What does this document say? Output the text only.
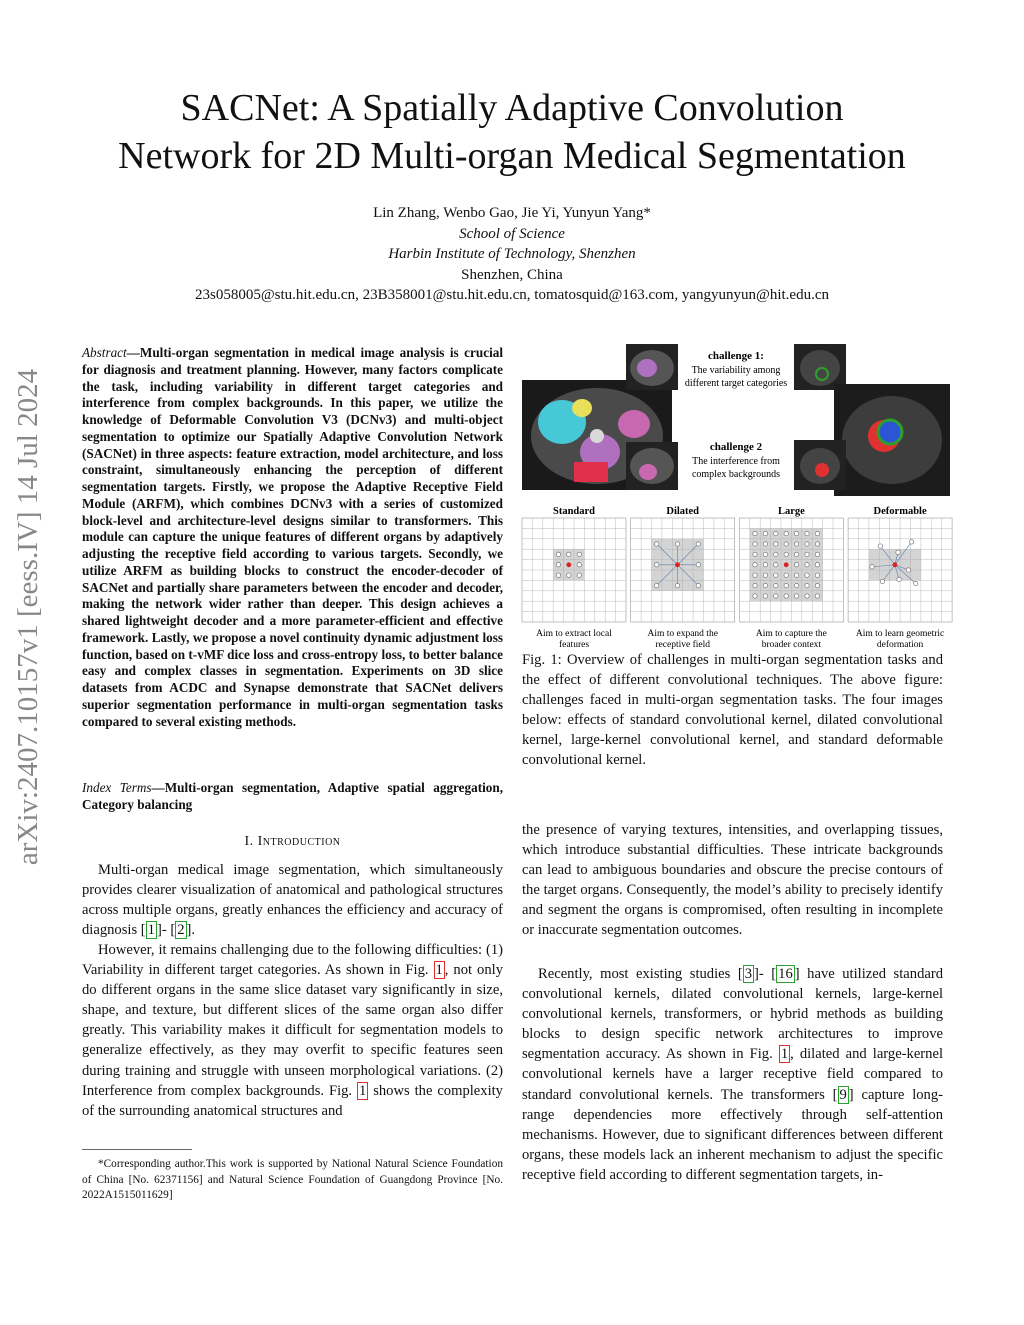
SACNet: A Spatially Adaptive Convolution
Network for 2D Multi-organ Medical Segmentation
Lin Zhang, Wenbo Gao, Jie Yi, Yunyun Yang*
School of Science
Harbin Institute of Technology, Shenzhen
Shenzhen, China
23s058005@stu.hit.edu.cn, 23B358001@stu.hit.edu.cn, tomatosquid@163.com, yangyunyun@hit.edu.cn
arXiv:2407.10157v1 [eess.IV] 14 Jul 2024
Abstract—Multi-organ segmentation in medical image analysis is crucial for diagnosis and treatment planning. However, many factors complicate the task, including variability in different target categories and interference from complex backgrounds. In this paper, we utilize the knowledge of Deformable Convolution V3 (DCNv3) and multi-object segmentation to optimize our Spatially Adaptive Convolution Network (SACNet) in three aspects: feature extraction, model architecture, and loss constraint, simultaneously enhancing the perception of different segmentation targets. Firstly, we propose the Adaptive Receptive Field Module (ARFM), which combines DCNv3 with a series of customized block-level and architecture-level designs similar to transformers. This module can capture the unique features of different organs by adaptively adjusting the receptive field according to various targets. Secondly, we utilize ARFM as building blocks to construct the encoder-decoder of SACNet and partially share parameters between the encoder and decoder, making the network wider rather than deeper. This design achieves a shared lightweight decoder and a more parameter-efficient and effective framework. Lastly, we propose a novel continuity dynamic adjustment loss function, based on t-vMF dice loss and cross-entropy loss, to better balance easy and complex classes in segmentation. Experiments on 3D slice datasets from ACDC and Synapse demonstrate that SACNet delivers superior segmentation performance in multi-organ segmentation tasks compared to several existing methods.
Index Terms—Multi-organ segmentation, Adaptive spatial aggregation, Category balancing
I. Introduction
Multi-organ medical image segmentation, which simultaneously provides clearer visualization of anatomical and pathological structures across multiple organs, greatly enhances the efficiency and accuracy of diagnosis [ 1 ]- [ 2 ].
However, it remains challenging due to the following difficulties: (1) Variability in different target categories. As shown in Fig. 1 , not only do different organs in the same slice dataset vary significantly in size, shape, and texture, but different slices of the same organ also differ greatly. This variability makes it difficult for segmentation models to generalize effectively, as they may overfit to specific features seen during training and struggle with unseen morphological variations. (2) Interference from complex backgrounds. Fig. 1 shows the complexity of the surrounding anatomical structures and
*Corresponding author.This work is supported by National Natural Science Foundation of China [No. 62371156] and Natural Science Foundation of Guangdong Province [No. 2022A1515011629]
challenge 1:
The variability among
different target categories
challenge 2
The interference from
complex backgrounds
Standard
Aim to extract local
features
Dilated
Aim to expand the
receptive field
Large
Aim to capture the
broader context
Deformable
Aim to learn geometric
deformation
Fig. 1: Overview of challenges in multi-organ segmentation tasks and the effect of different convolutional techniques. The above figure: challenges faced in multi-organ segmentation tasks. The four images below: effects of standard convolutional kernel, dilated convolutional kernel, large-kernel convolutional kernel, and standard deformable convolutional kernel.
the presence of varying textures, intensities, and overlapping tissues, which introduce substantial difficulties. These intricate backgrounds can lead to ambiguous boundaries and obscure the precise contours of the target organs. Consequently, the model’s ability to precisely identify and segment the organs is compromised, often resulting in incomplete or inaccurate segmentation outcomes.
Recently, most existing studies [ 3 ]- [ 16 ] have utilized standard convolutional kernels, dilated convolutional kernels, large-kernel convolutional kernels, transformers, or hybrid methods as building blocks to design specific network architectures to improve segmentation accuracy. As shown in Fig. 1 , dilated and large-kernel convolutional kernels have a larger receptive field compared to standard convolutional kernels. The transformers [ 9 ] capture long-range dependencies more effectively through self-attention mechanisms. However, due to significant differences between different organs, these models lack an inherent mechanism to adjust the specific receptive field according to different segmentation targets, in-
